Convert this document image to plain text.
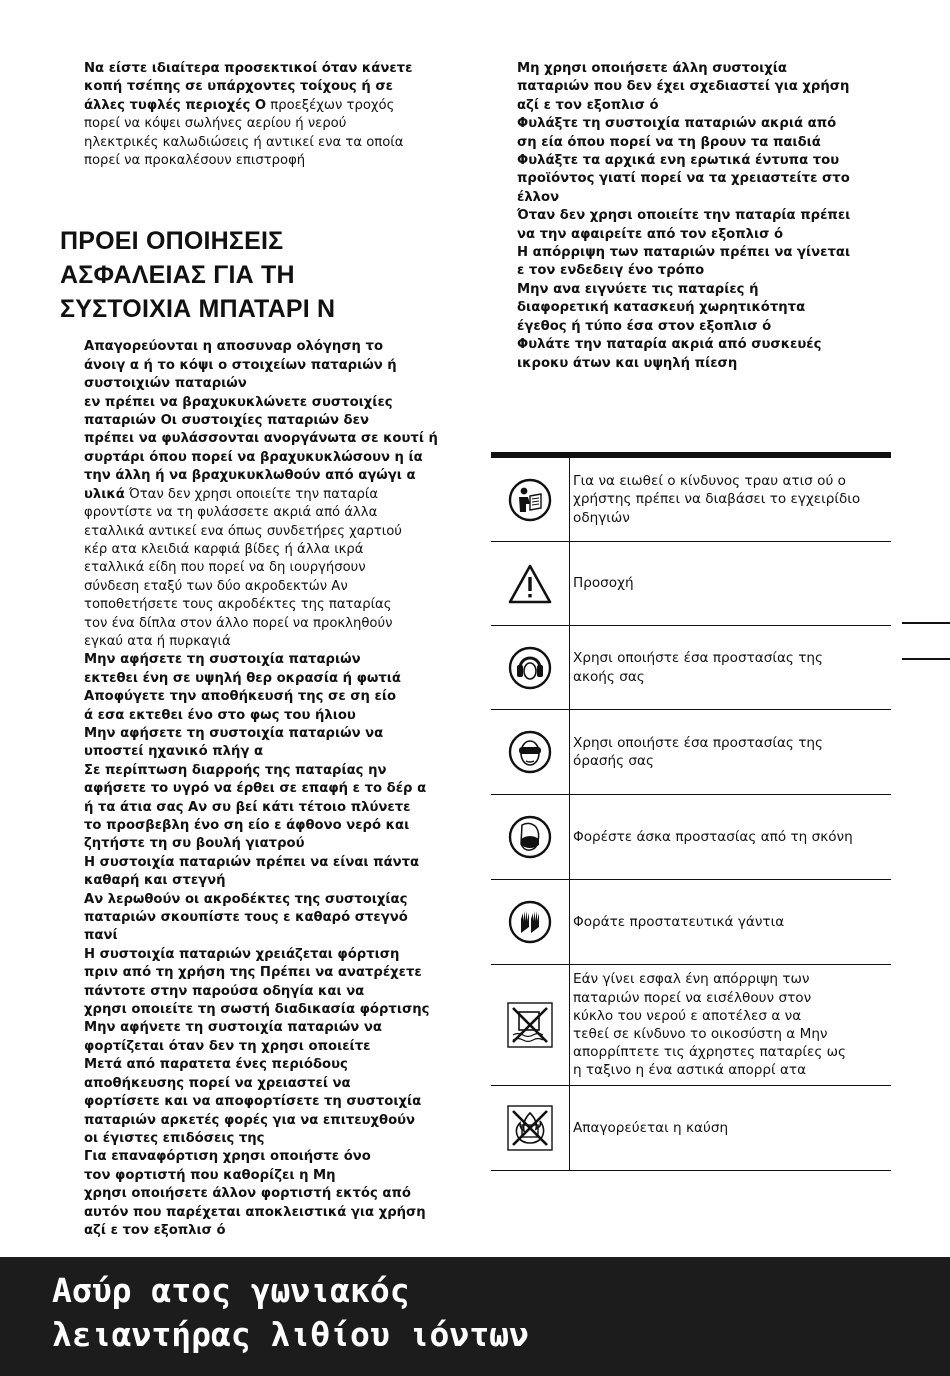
Να είστε ιδιαίτερα προσεκτικοί όταν κάνετε
κοπή τσέπης σε υπάρχοντες τοίχους ή σε
άλλες τυφλές περιοχές Ο προεξέχων τροχός
πορεί να κόψει σωλήνες αερίου ή νερού
ηλεκτρικές καλωδιώσεις ή αντικεί ενα τα οποία
πορεί να προκαλέσουν επιστροφή

ΠΡΟΕΙ ΟΠΟΙΗΣΕΙΣ
ΑΣΦΑΛΕΙΑΣ ΓΙΑ ΤΗ
ΣΥΣΤΟΙΧΙΑ ΜΠΑΤΑΡΙ Ν

Απαγορεύονται η αποσυναρ ολόγηση το
άνοιγ α ή το κόψι ο στοιχείων παταριών ή
συστοιχιών παταριών
εν πρέπει να βραχυκυκλώνετε συστοιχίες
παταριών Οι συστοιχίες παταριών δεν
πρέπει να φυλάσσονται ανοργάνωτα σε κουτί ή
συρτάρι όπου πορεί να βραχυκυκλώσουν η ία
την άλλη ή να βραχυκυκλωθούν από αγώγι α
υλικά Όταν δεν χρησι οποιείτε την παταρία
φροντίστε να τη φυλάσσετε ακριά από άλλα
εταλλικά αντικεί ενα όπως συνδετήρες χαρτιού
κέρ ατα κλειδιά καρφιά βίδες ή άλλα ικρά
εταλλικά είδη που πορεί να δη ιουργήσουν
σύνδεση εταξύ των δύο ακροδεκτών Αν
τοποθετήσετε τους ακροδέκτες της παταρίας
τον ένα δίπλα στον άλλο πορεί να προκληθούν
εγκαύ ατα ή πυρκαγιά

Μην αφήσετε τη συστοιχία παταριών
εκτεθει ένη σε υψηλή θερ οκρασία ή φωτιά
Αποφύγετε την αποθήκευσή της σε ση είο
ά εσα εκτεθει ένο στο φως του ήλιου
Μην αφήσετε τη συστοιχία παταριών να
υποστεί ηχανικό πλήγ α
Σε περίπτωση διαρροής της παταρίας ην
αφήσετε το υγρό να έρθει σε επαφή ε το δέρ α
ή τα άτια σας Αν συ βεί κάτι τέτοιο πλύνετε
το προσβεβλη ένο ση είο ε άφθονο νερό και
ζητήστε τη συ βουλή γιατρού
Η συστοιχία παταριών πρέπει να είναι πάντα
καθαρή και στεγνή
Αν λερωθούν οι ακροδέκτες της συστοιχίας
παταριών σκουπίστε τους ε καθαρό στεγνό
πανί
Η συστοιχία παταριών χρειάζεται φόρτιση
πριν από τη χρήση της Πρέπει να ανατρέχετε
πάντοτε στην παρούσα οδηγία και να
χρησι οποιείτε τη σωστή διαδικασία φόρτισης
Μην αφήνετε τη συστοιχία παταριών να
φορτίζεται όταν δεν τη χρησι οποιείτε
Μετά από παρατετα ένες περιόδους
αποθήκευσης πορεί να χρειαστεί να
φορτίσετε και να αποφορτίσετε τη συστοιχία
παταριών αρκετές φορές για να επιτευχθούν
οι έγιστες επιδόσεις της
Για επαναφόρτιση χρησι οποιήστε όνο
τον φορτιστή που καθορίζει η Μη
χρησι οποιήσετε άλλον φορτιστή εκτός από
αυτόν που παρέχεται αποκλειστικά για χρήση
αζί ε τον εξοπλισ ό

Μη χρησι οποιήσετε άλλη συστοιχία
παταριών που δεν έχει σχεδιαστεί για χρήση
αζί ε τον εξοπλισ ό
Φυλάξτε τη συστοιχία παταριών ακριά από
ση εία όπου πορεί να τη βρουν τα παιδιά
Φυλάξτε τα αρχικά ενη ερωτικά έντυπα του
προϊόντος γιατί πορεί να τα χρειαστείτε στο
έλλον
Όταν δεν χρησι οποιείτε την παταρία πρέπει
να την αφαιρείτε από τον εξοπλισ ό
Η απόρριψη των παταριών πρέπει να γίνεται
ε τον ενδεδειγ ένο τρόπο
Μην ανα ειγνύετε τις παταρίες ή
διαφορετική κατασκευή χωρητικότητα
έγεθος ή τύπο έσα στον εξοπλισ ό
Φυλάτε την παταρία ακριά από συσκευές
ικροκυ άτων και υψηλή πίεση

Για να ειωθεί ο κίνδυνος τραυ ατισ ού ο
χρήστης πρέπει να διαβάσει το εγχειρίδιο
οδηγιών
Προσοχή
Χρησι οποιήστε έσα προστασίας της
ακοής σας
Χρησι οποιήστε έσα προστασίας της
όρασής σας
Φορέστε άσκα προστασίας από τη σκόνη
Φοράτε προστατευτικά γάντια
Εάν γίνει εσφαλ ένη απόρριψη των
παταριών πορεί να εισέλθουν στον
κύκλο του νερού ε αποτέλεσ α να
τεθεί σε κίνδυνο το οικοσύστη α Μην
απορρίπτετε τις άχρηστες παταρίες ως
η ταξινο η ένα αστικά απορρί ατα
Απαγορεύεται η καύση

Ασύρ ατος γωνιακός
λειαντήρας λιθίου ιόντων
